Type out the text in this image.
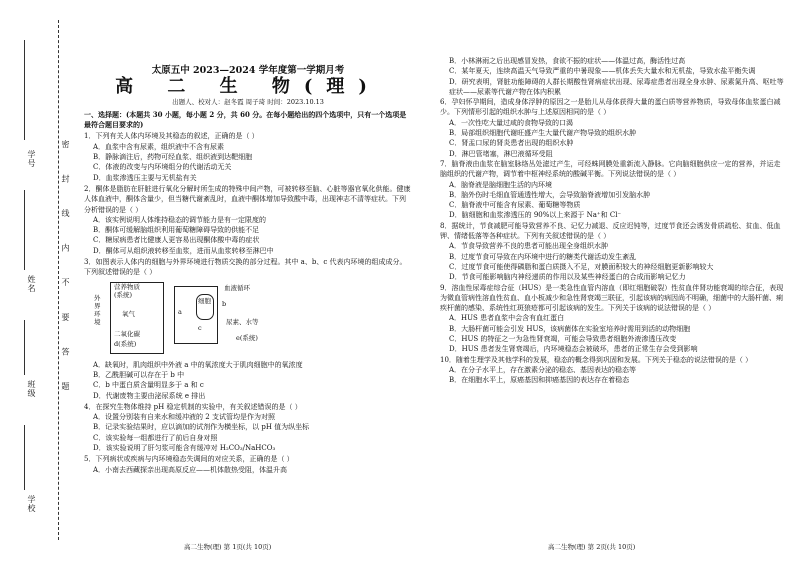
学号
姓名
班级
学校
密 封 线 内 不 要 答 题
太原五中 2023—2024 学年度第一学期月考
高 二 生 物(理)
出题人、校对人：赵冬霞 周子琦 时间：2023.10.13
一、选择题：(本题共 30 小题，每小题 2 分，共 60 分。在每小题给出的四个选项中，只有一个选项是最符合题目要求的)
1．下列有关人体内环境及其稳态的叙述，正确的是（ ）
A．血浆中含有尿素，组织液中不含有尿素
B．静脉滴注后，药物可经血浆、组织液到达靶细胞
C．体液的改变与内环境组分的代谢活动无关
D．血浆渗透压主要与无机盐有关
2．酮体是脂肪在肝脏进行氧化分解时所生成的特殊中间产物，可被转移至脑、心脏等器官氧化供能。健康人体血液中，酮体含量少，但当糖代谢紊乱时，血液中酮体增加导致酸中毒，出现神志不清等症状。下列分析错误的是（ ）
A．该实例说明人体维持稳态的调节能力是有一定限度的
B．酮体可缓解脑组织利用葡萄糖障碍导致的供能不足
C．糖尿病患者比健康人更容易出现酮体酸中毒的症状
D．酮体可从组织液转移至血浆，进而从血浆转移至淋巴中
3．如图表示人体内的细胞与外界环境进行物质交换的部分过程。其中 a、b、c 代表内环境的组成成分。下列叙述错误的是（ ）
营养物质
(系统)
外
界
环
境
氧气
二氧化碳
d(系统)
a
细胞
c
血液循环
b
尿素、水等
e(系统)
A．缺氧时，肌肉组织中外液 a 中的氧浓度大于肌肉细胞中的氧浓度
B．乙酰胆碱可以存在于 b 中
C．b 中蛋白质含量明显多于 a 和 c
D．代谢废物主要由泌尿系统 e 排出
4．在探究生物体维持 pH 稳定机制的实验中，有关叙述错误的是（ ）
A．设置分别装有自来水和缓冲液的 2 支试管均是作为对照
B．记录实验结果时，应以滴加的试剂作为横坐标，以 pH 值为纵坐标
C．该实验每一组都进行了前后自身对照
D．该实验说明了肝匀浆可能含有缓冲对 H₂CO₃/NaHCO₃
5．下列病状或疾病与内环境稳态失调间的对应关系，正确的是（ ）
A．小南去西藏探亲出现高原反应——机体散热受阻，体温升高
高二生物(理) 第 1页(共 10页)
B．小林淋雨之后出现感冒发热，食欲不振的症状——体温过高，酶活性过高
C．某年夏天，连续高温天气导致严重的中暑现象——机体丢失大量水和无机盐，导致水盐平衡失调
D．研究表明，肾脏功能障碍的人群长期酸性肾病症状出现、尿毒症患者出现全身水肿、尿素氮升高、呕吐等症状——尿素等代谢产物在体内积累
6．孕妇怀孕期间，造成身体浮肿的原因之一是胎儿从母体获得大量的蛋白质等营养物质，导致母体血浆蛋白减少。下列情形引起的组织水肿与上述原因相同的是（ ）
A．一次性吃大量过咸的食物导致的口渴
B．局部组织细胞代谢旺盛产生大量代谢产物导致的组织水肿
C．肾盂口尿的肾炎患者出现的组织水肿
D．淋巴管堵塞，淋巴液循环受阻
7．脑脊液由血浆在脑室脉络丛处滤过产生，可经蛛网膜处重新流入静脉。它向脑细胞供应一定的营养，并运走脑组织的代谢产物，调节着中枢神经系统的酸碱平衡。下列说法错误的是（ ）
A．脑脊液是脑细胞生活的内环境
B．脑外伤时毛细血管通透性增大，会导致脑脊液增加引发脑水肿
C．脑脊液中可能含有尿素、葡萄糖等物质
D．脑细胞和血浆渗透压的 90%以上来源于 Na⁺和 Cl⁻
8．据统计，节食减肥可能导致营养不良、记忆力减退、反应迟钝等，过度节食还会诱发骨质疏松、贫血、低血钾、情绪低落等各种症状。下列有关叙述错误的是（ ）
A．节食导致营养不良的患者可能出现全身组织水肿
B．过度节食可导致在内环境中进行的糖类代谢活动发生紊乱
C．过度节食可能使得磷脂和蛋白质摄入不足，对膜面积较大的神经细胞更新影响较大
D．节食可能影响脑内神经递质的作用以及某些神经蛋白的合成而影响记忆力
9．溶血性尿毒症综合征（HUS）是一类急性血管内溶血（即红细胞破裂）性贫血伴肾功能衰竭的综合征，表现为微血管病性溶血性贫血、血小板减少和急性肾衰竭三联征，引起该病的病因尚不明确，细菌中的大肠杆菌、痢疾杆菌的感染、系统性红斑狼疮都可引起该病的发生。下列关于该病的说法错误的是（ ）
A．HUS 患者血浆中会含有血红蛋白
B．大肠杆菌可能会引发 HUS，该病菌体在实验室培养时需用到活的动物细胞
C．HUS 的特征之一为急性肾衰竭，可能会导致患者细胞外液渗透压改变
D．HUS 患者发生肾衰竭后，内环境稳态会被破坏，患者的正常生存会受到影响
10．随着生理学及其他学科的发展，稳态的概念得到巩固和发展。下列关于稳态的说法错误的是（ ）
A．在分子水平上，存在激素分泌的稳态、基因表达的稳态等
B．在细胞水平上，原癌基因和抑癌基因的表达存在着稳态
高二生物(理) 第 2页(共 10页)
